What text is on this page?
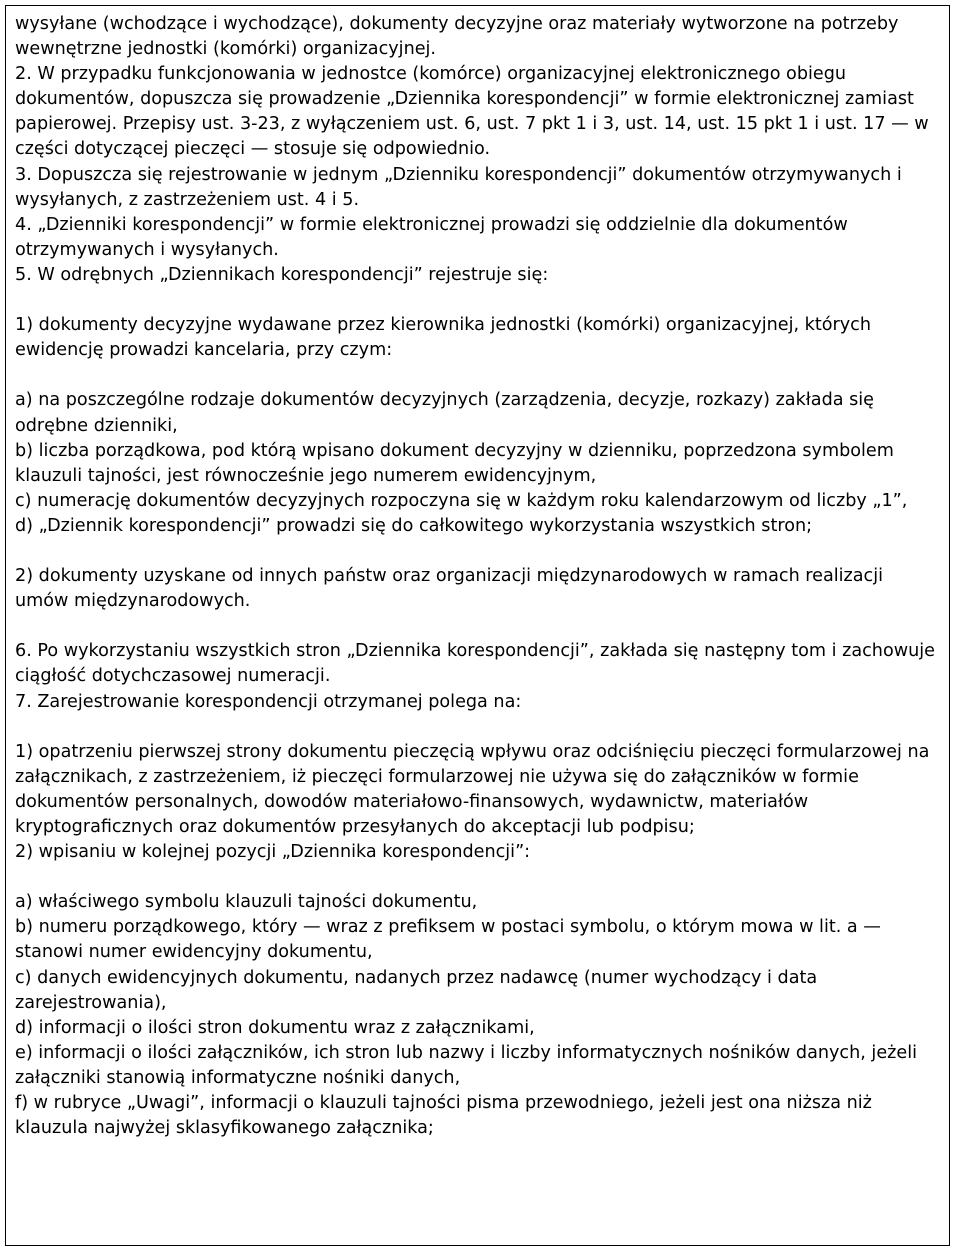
wysyłane (wchodzące i wychodzące), dokumenty decyzyjne oraz materiały wytworzone na potrzeby wewnętrzne jednostki (komórki) organizacyjnej.

2. W przypadku funkcjonowania w jednostce (komórce) organizacyjnej elektronicznego obiegu dokumentów, dopuszcza się prowadzenie „Dziennika korespondencji” w formie elektronicznej zamiast papierowej. Przepisy ust. 3-23, z wyłączeniem ust. 6, ust. 7 pkt 1 i 3, ust. 14, ust. 15 pkt 1 i ust. 17 — w części dotyczącej pieczęci — stosuje się odpowiednio.

3. Dopuszcza się rejestrowanie w jednym „Dzienniku korespondencji” dokumentów otrzymywanych i wysyłanych, z zastrzeżeniem ust. 4 i 5.

4. „Dzienniki korespondencji” w formie elektronicznej prowadzi się oddzielnie dla dokumentów otrzymywanych i wysyłanych.

5. W odrębnych „Dziennikach korespondencji” rejestruje się:

1) dokumenty decyzyjne wydawane przez kierownika jednostki (komórki) organizacyjnej, których ewidencję prowadzi kancelaria, przy czym:

a) na poszczególne rodzaje dokumentów decyzyjnych (zarządzenia, decyzje, rozkazy) zakłada się odrębne dzienniki,

b) liczba porządkowa, pod którą wpisano dokument decyzyjny w dzienniku, poprzedzona symbolem klauzuli tajności, jest równocześnie jego numerem ewidencyjnym,

c) numerację dokumentów decyzyjnych rozpoczyna się w każdym roku kalendarzowym od liczby „1”,

d) „Dziennik korespondencji” prowadzi się do całkowitego wykorzystania wszystkich stron;

2) dokumenty uzyskane od innych państw oraz organizacji międzynarodowych w ramach realizacji umów międzynarodowych.

6. Po wykorzystaniu wszystkich stron „Dziennika korespondencji”, zakłada się następny tom i zachowuje ciągłość dotychczasowej numeracji.

7. Zarejestrowanie korespondencji otrzymanej polega na:

1) opatrzeniu pierwszej strony dokumentu pieczęcią wpływu oraz odciśnięciu pieczęci formularzowej na załącznikach, z zastrzeżeniem, iż pieczęci formularzowej nie używa się do załączników w formie dokumentów personalnych, dowodów materiałowo-finansowych, wydawnictw, materiałów kryptograficznych oraz dokumentów przesyłanych do akceptacji lub podpisu;

2) wpisaniu w kolejnej pozycji „Dziennika korespondencji”:

a) właściwego symbolu klauzuli tajności dokumentu,

b) numeru porządkowego, który — wraz z prefiksem w postaci symbolu, o którym mowa w lit. a — stanowi numer ewidencyjny dokumentu,

c) danych ewidencyjnych dokumentu, nadanych przez nadawcę (numer wychodzący i data zarejestrowania),

d) informacji o ilości stron dokumentu wraz z załącznikami,

e) informacji o ilości załączników, ich stron lub nazwy i liczby informatycznych nośników danych, jeżeli załączniki stanowią informatyczne nośniki danych,

f) w rubryce „Uwagi”, informacji o klauzuli tajności pisma przewodniego, jeżeli jest ona niższa niż klauzula najwyżej sklasyfikowanego załącznika;
